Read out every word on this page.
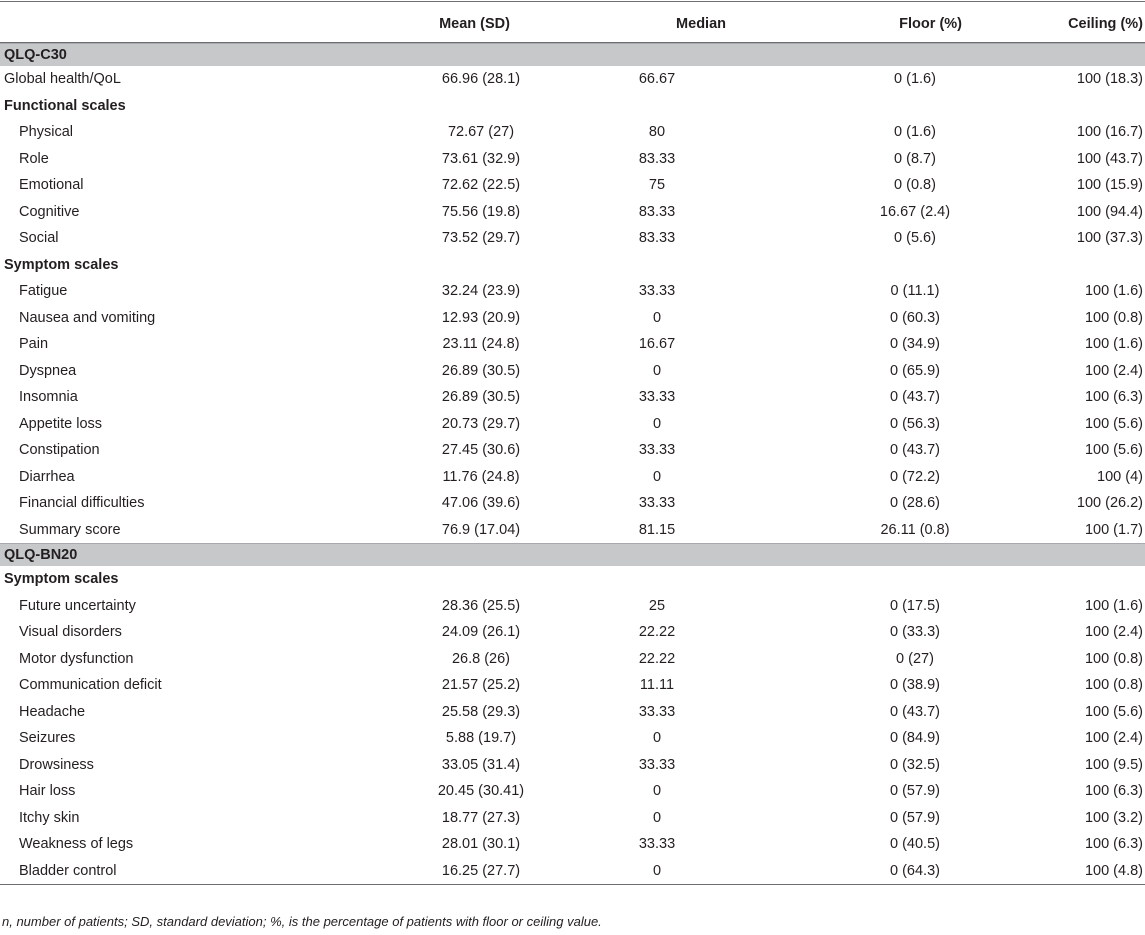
	Mean (SD)	Median	Floor (%)	Ceiling (%)

QLQ-C30				
Global health/QoL	66.96 (28.1)	66.67	0 (1.6)	100 (18.3)
Functional scales				
Physical	72.67 (27)	80	0 (1.6)	100 (16.7)
Role	73.61 (32.9)	83.33	0 (8.7)	100 (43.7)
Emotional	72.62 (22.5)	75	0 (0.8)	100 (15.9)
Cognitive	75.56 (19.8)	83.33	16.67 (2.4)	100 (94.4)
Social	73.52 (29.7)	83.33	0 (5.6)	100 (37.3)
Symptom scales				
Fatigue	32.24 (23.9)	33.33	0 (11.1)	100 (1.6)
Nausea and vomiting	12.93 (20.9)	0	0 (60.3)	100 (0.8)
Pain	23.11 (24.8)	16.67	0 (34.9)	100 (1.6)
Dyspnea	26.89 (30.5)	0	0 (65.9)	100 (2.4)
Insomnia	26.89 (30.5)	33.33	0 (43.7)	100 (6.3)
Appetite loss	20.73 (29.7)	0	0 (56.3)	100 (5.6)
Constipation	27.45 (30.6)	33.33	0 (43.7)	100 (5.6)
Diarrhea	11.76 (24.8)	0	0 (72.2)	100 (4)
Financial difficulties	47.06 (39.6)	33.33	0 (28.6)	100 (26.2)
Summary score	76.9 (17.04)	81.15	26.11 (0.8)	100 (1.7)
QLQ-BN20				
Symptom scales				
Future uncertainty	28.36 (25.5)	25	0 (17.5)	100 (1.6)
Visual disorders	24.09 (26.1)	22.22	0 (33.3)	100 (2.4)
Motor dysfunction	26.8 (26)	22.22	0 (27)	100 (0.8)
Communication deficit	21.57 (25.2)	11.11	0 (38.9)	100 (0.8)
Headache	25.58 (29.3)	33.33	0 (43.7)	100 (5.6)
Seizures	5.88 (19.7)	0	0 (84.9)	100 (2.4)
Drowsiness	33.05 (31.4)	33.33	0 (32.5)	100 (9.5)
Hair loss	20.45 (30.41)	0	0 (57.9)	100 (6.3)
Itchy skin	18.77 (27.3)	0	0 (57.9)	100 (3.2)
Weakness of legs	28.01 (30.1)	33.33	0 (40.5)	100 (6.3)
Bladder control	16.25 (27.7)	0	0 (64.3)	100 (4.8)

n, number of patients; SD, standard deviation; %, is the percentage of patients with floor or ceiling value.
